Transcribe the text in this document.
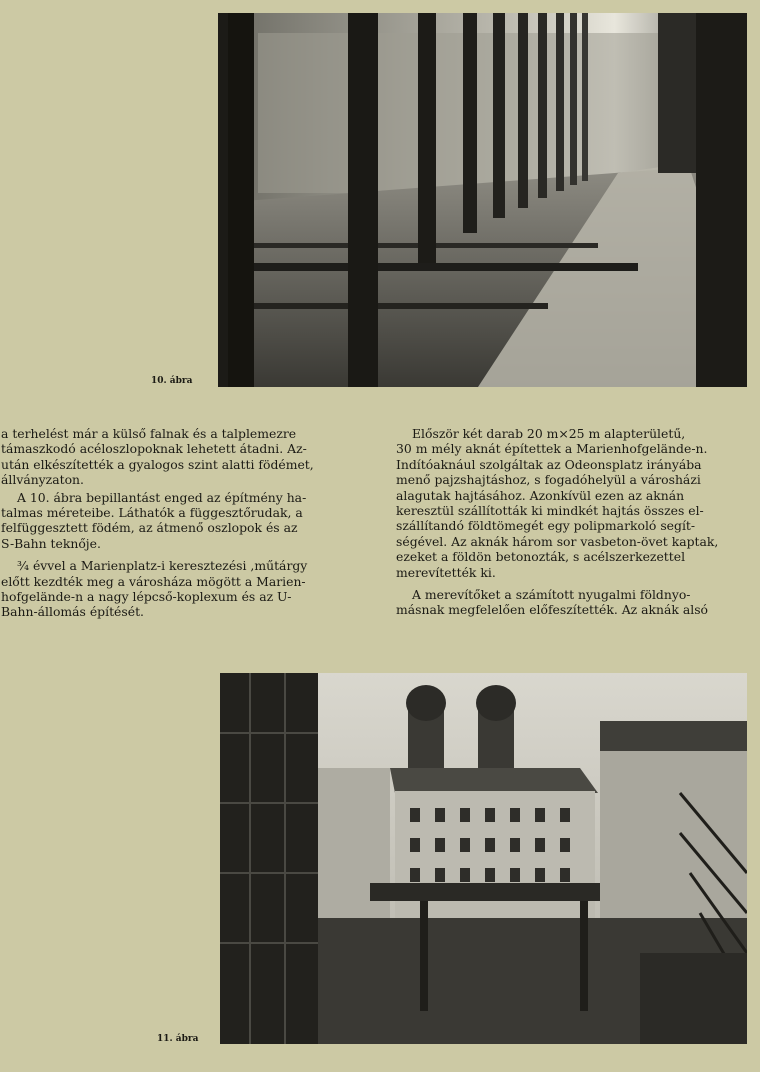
10. ábra

a terhelést már a külső falnak és a talplemezre
támaszkodó acéloszlopoknak lehetett átadni. Az-
után elkészítették a gyalogos szint alatti födémet,
állványzaton.

A 10. ábra bepillantást enged az építmény ha-
talmas méreteibe. Láthatók a függesztőrudak, a
felfüggesztett födém, az átmenő oszlopok és az
S-Bahn teknője.

¾ évvel a Marienplatz-i keresztezési ,műtárgy
előtt kezdték meg a városháza mögött a Marien-
hofgelände-n a nagy lépcső-koplexum és az U-
Bahn-állomás építését.

Először két darab 20 m×25 m alapterületű,
30 m mély aknát építettek a Marienhofgelände-n.
Indítóaknául szolgáltak az Odeonsplatz irányába
menő pajzshajtáshoz, s fogadóhelyül a városházi
alagutak hajtásához. Azonkívül ezen az aknán
keresztül szállították ki mindkét hajtás összes el-
szállítandó földtömegét egy polipmarkoló segít-
ségével. Az aknák három sor vasbeton-övet kaptak,
ezeket a földön betonozták, s acélszerkezettel
merevítették ki.

A merevítőket a számított nyugalmi földnyo-
másnak megfelelően előfeszítették. Az aknák alsó

11. ábra
